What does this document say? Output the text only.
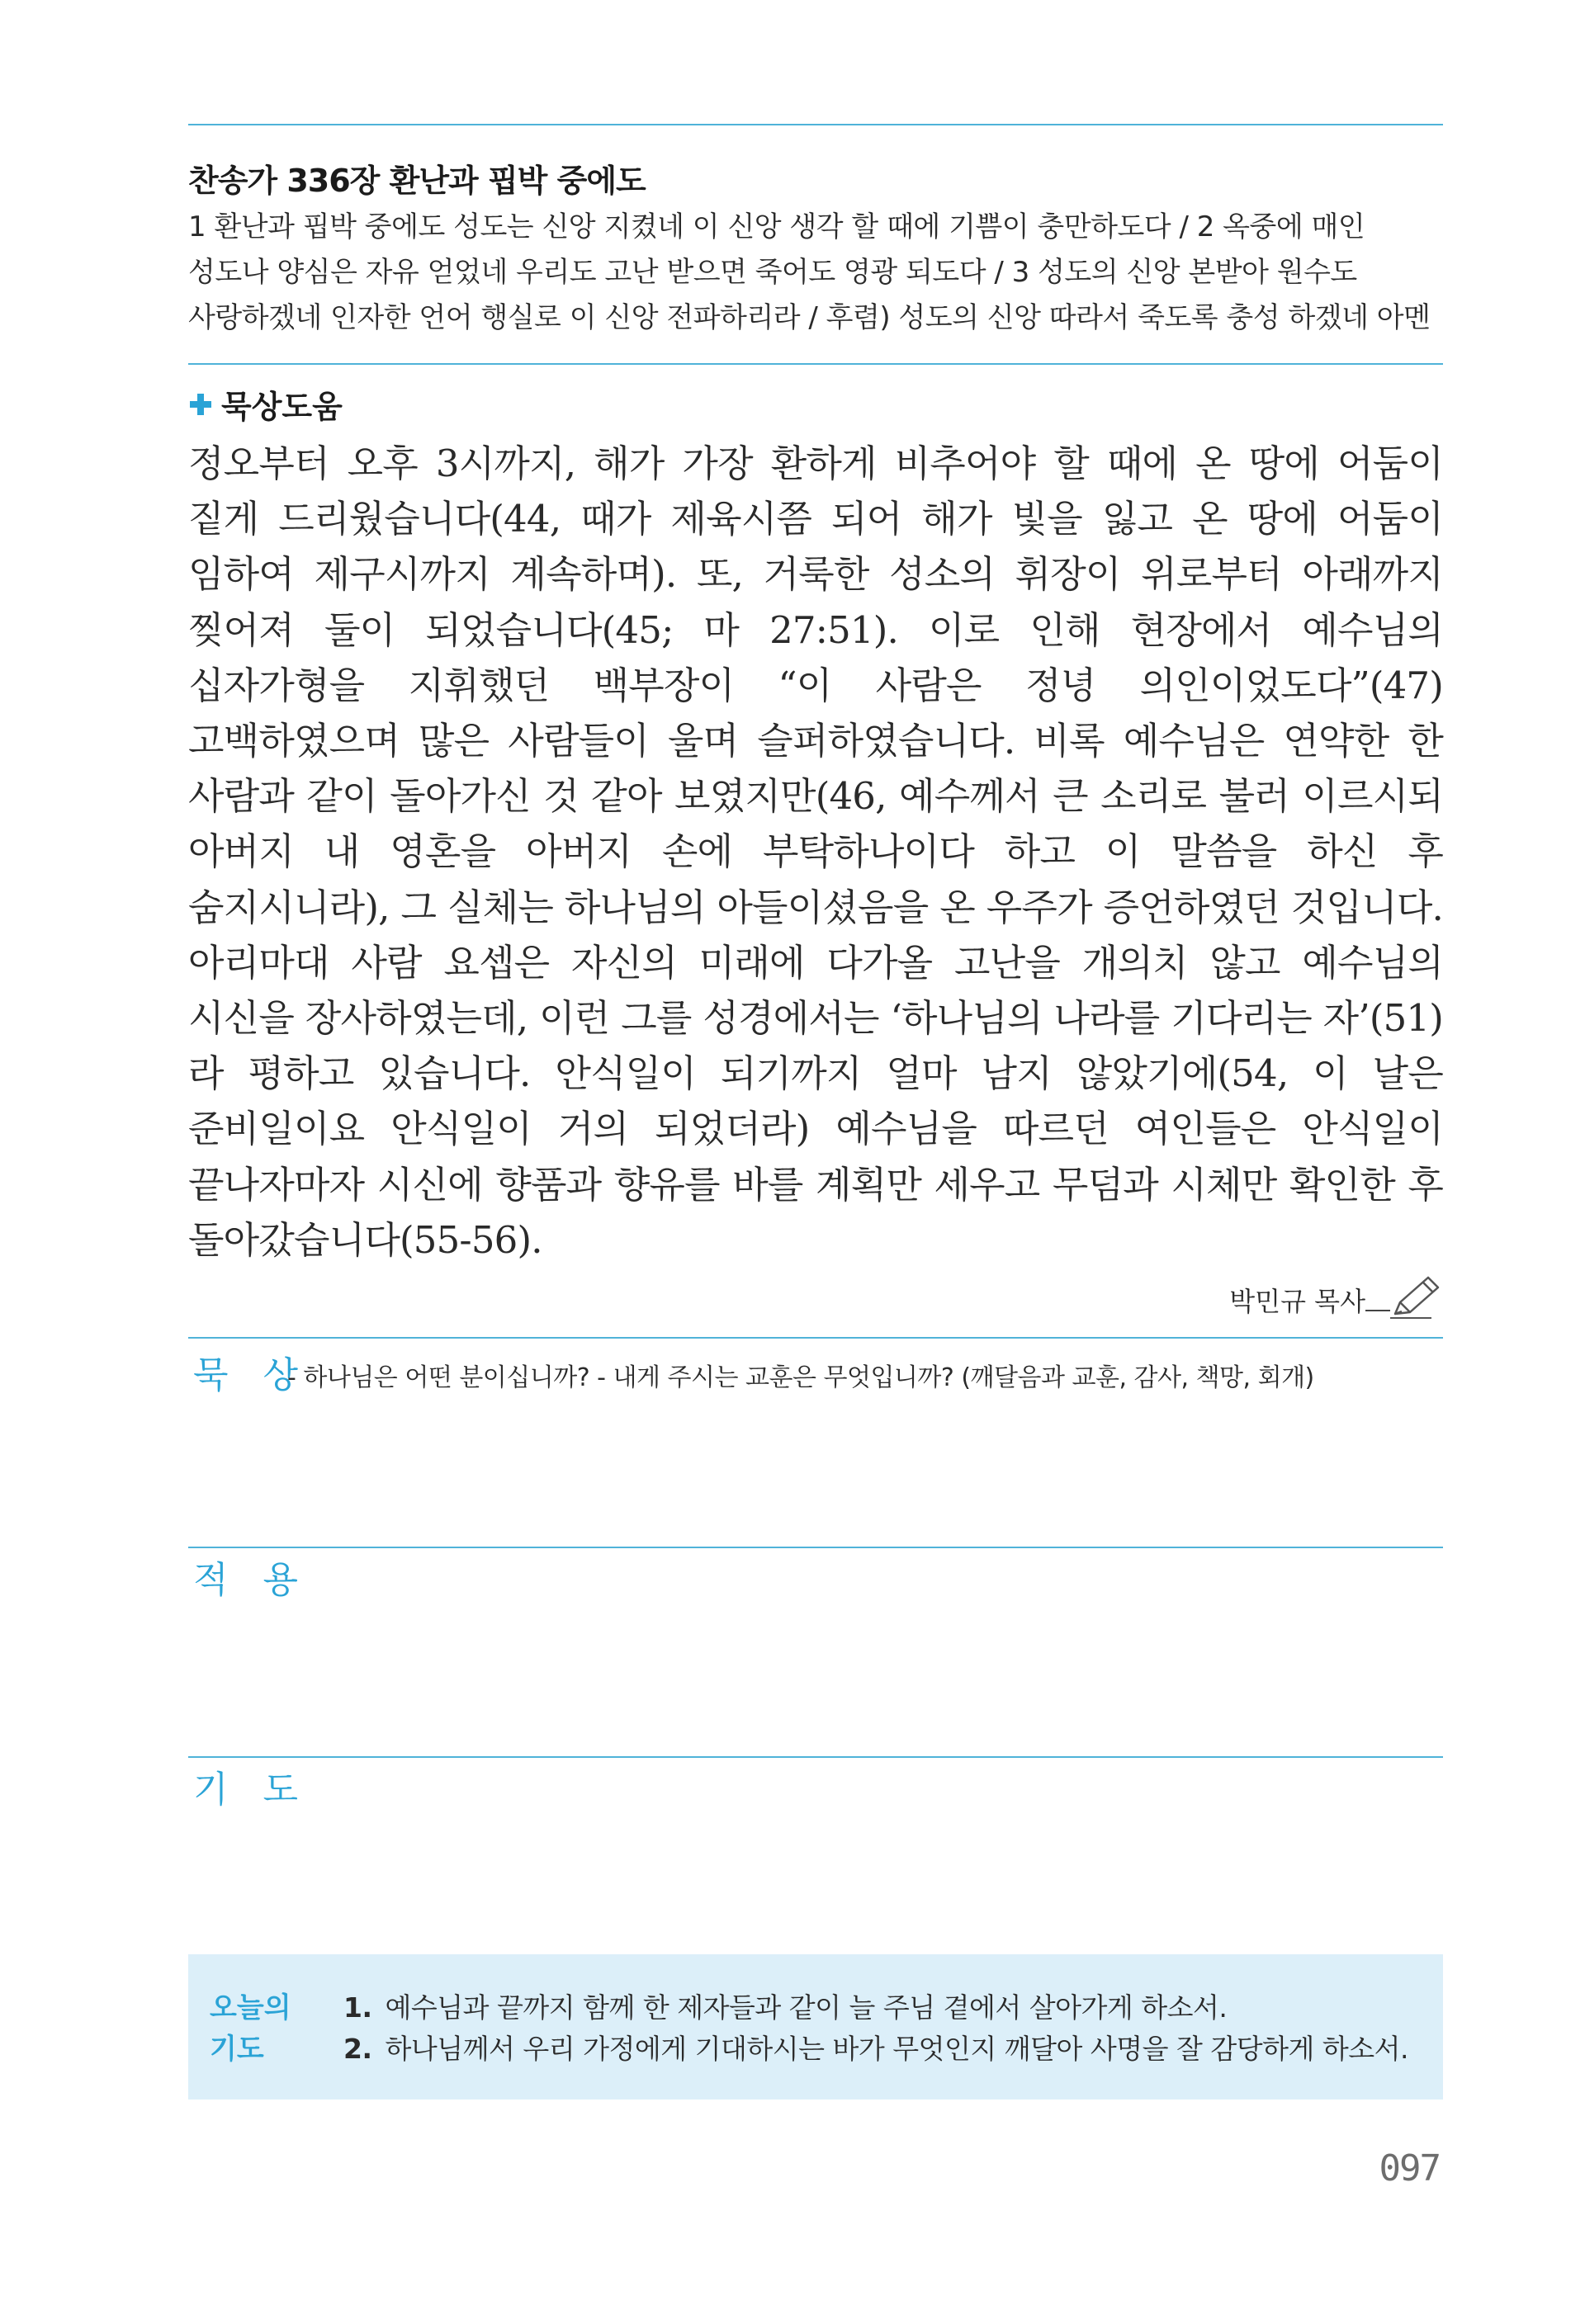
찬송가 336장 환난과 핍박 중에도
1 환난과 핍박 중에도 성도는 신앙 지켰네 이 신앙 생각 할 때에 기쁨이 충만하도다 / 2 옥중에 매인 성도나 양심은 자유 얻었네 우리도 고난 받으면 죽어도 영광 되도다 / 3 성도의 신앙 본받아 원수도 사랑하겠네 인자한 언어 행실로 이 신앙 전파하리라 / 후렴) 성도의 신앙 따라서 죽도록 충성 하겠네 아멘
묵상도움
정오부터 오후 3시까지, 해가 가장 환하게 비추어야 할 때에 온 땅에 어둠이 짙게 드리웠습니다(44, 때가 제육시쯤 되어 해가 빛을 잃고 온 땅에 어둠이 임하여 제구시까지 계속하며). 또, 거룩한 성소의 휘장이 위로부터 아래까지 찢어져 둘이 되었습니다(45; 마 27:51). 이로 인해 현장에서 예수님의 십자가형을 지휘했던 백부장이 “이 사람은 정녕 의인이었도다”(47) 고백하였으며 많은 사람들이 울며 슬퍼하였습니다. 비록 예수님은 연약한 한 사람과 같이 돌아가신 것 같아 보였지만(46, 예수께서 큰 소리로 불러 이르시되 아버지 내 영혼을 아버지 손에 부탁하나이다 하고 이 말씀을 하신 후 숨지시니라), 그 실체는 하나님의 아들이셨음을 온 우주가 증언하였던 것입니다. 아리마대 사람 요셉은 자신의 미래에 다가올 고난을 개의치 않고 예수님의 시신을 장사하였는데, 이런 그를 성경에서는 ‘하나님의 나라를 기다리는 자’(51)라 평하고 있습니다. 안식일이 되기까지 얼마 남지 않았기에(54, 이 날은 준비일이요 안식일이 거의 되었더라) 예수님을 따르던 여인들은 안식일이 끝나자마자 시신에 향품과 향유를 바를 계획만 세우고 무덤과 시체만 확인한 후 돌아갔습니다(55-56).
박민규 목사
묵 상
- 하나님은 어떤 분이십니까? - 내게 주시는 교훈은 무엇입니까? (깨달음과 교훈, 감사, 책망, 회개)
적 용
기 도
오늘의
기도
1. 예수님과 끝까지 함께 한 제자들과 같이 늘 주님 곁에서 살아가게 하소서.
2. 하나님께서 우리 가정에게 기대하시는 바가 무엇인지 깨달아 사명을 잘 감당하게 하소서.
097
